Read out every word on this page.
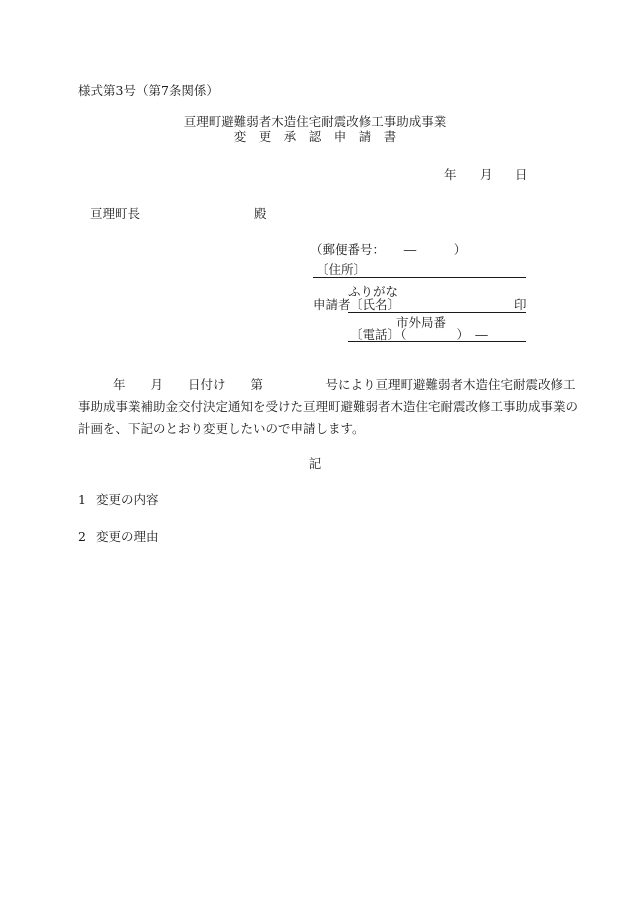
様式第3号（第7条関係）
亘理町避難弱者木造住宅耐震改修工事助成事業
変　更　承　認　申　請　書
年 月 日
亘理町長	殿
（郵便番号：　　―　　　）
〔住所〕
ふりがな
申請者 〔氏名〕	印
市外局番
〔電話〕
（　　　　）　―

年　　月　　日付け　　第　　　　　号により亘理町避難弱者木造住宅耐震改修工

事助成事業補助金交付決定通知を受けた亘理町避難弱者木造住宅耐震改修工事助成事業の

計画を、下記のとおり変更したいので申請します。

記
1 変更の内容
2 変更の理由
